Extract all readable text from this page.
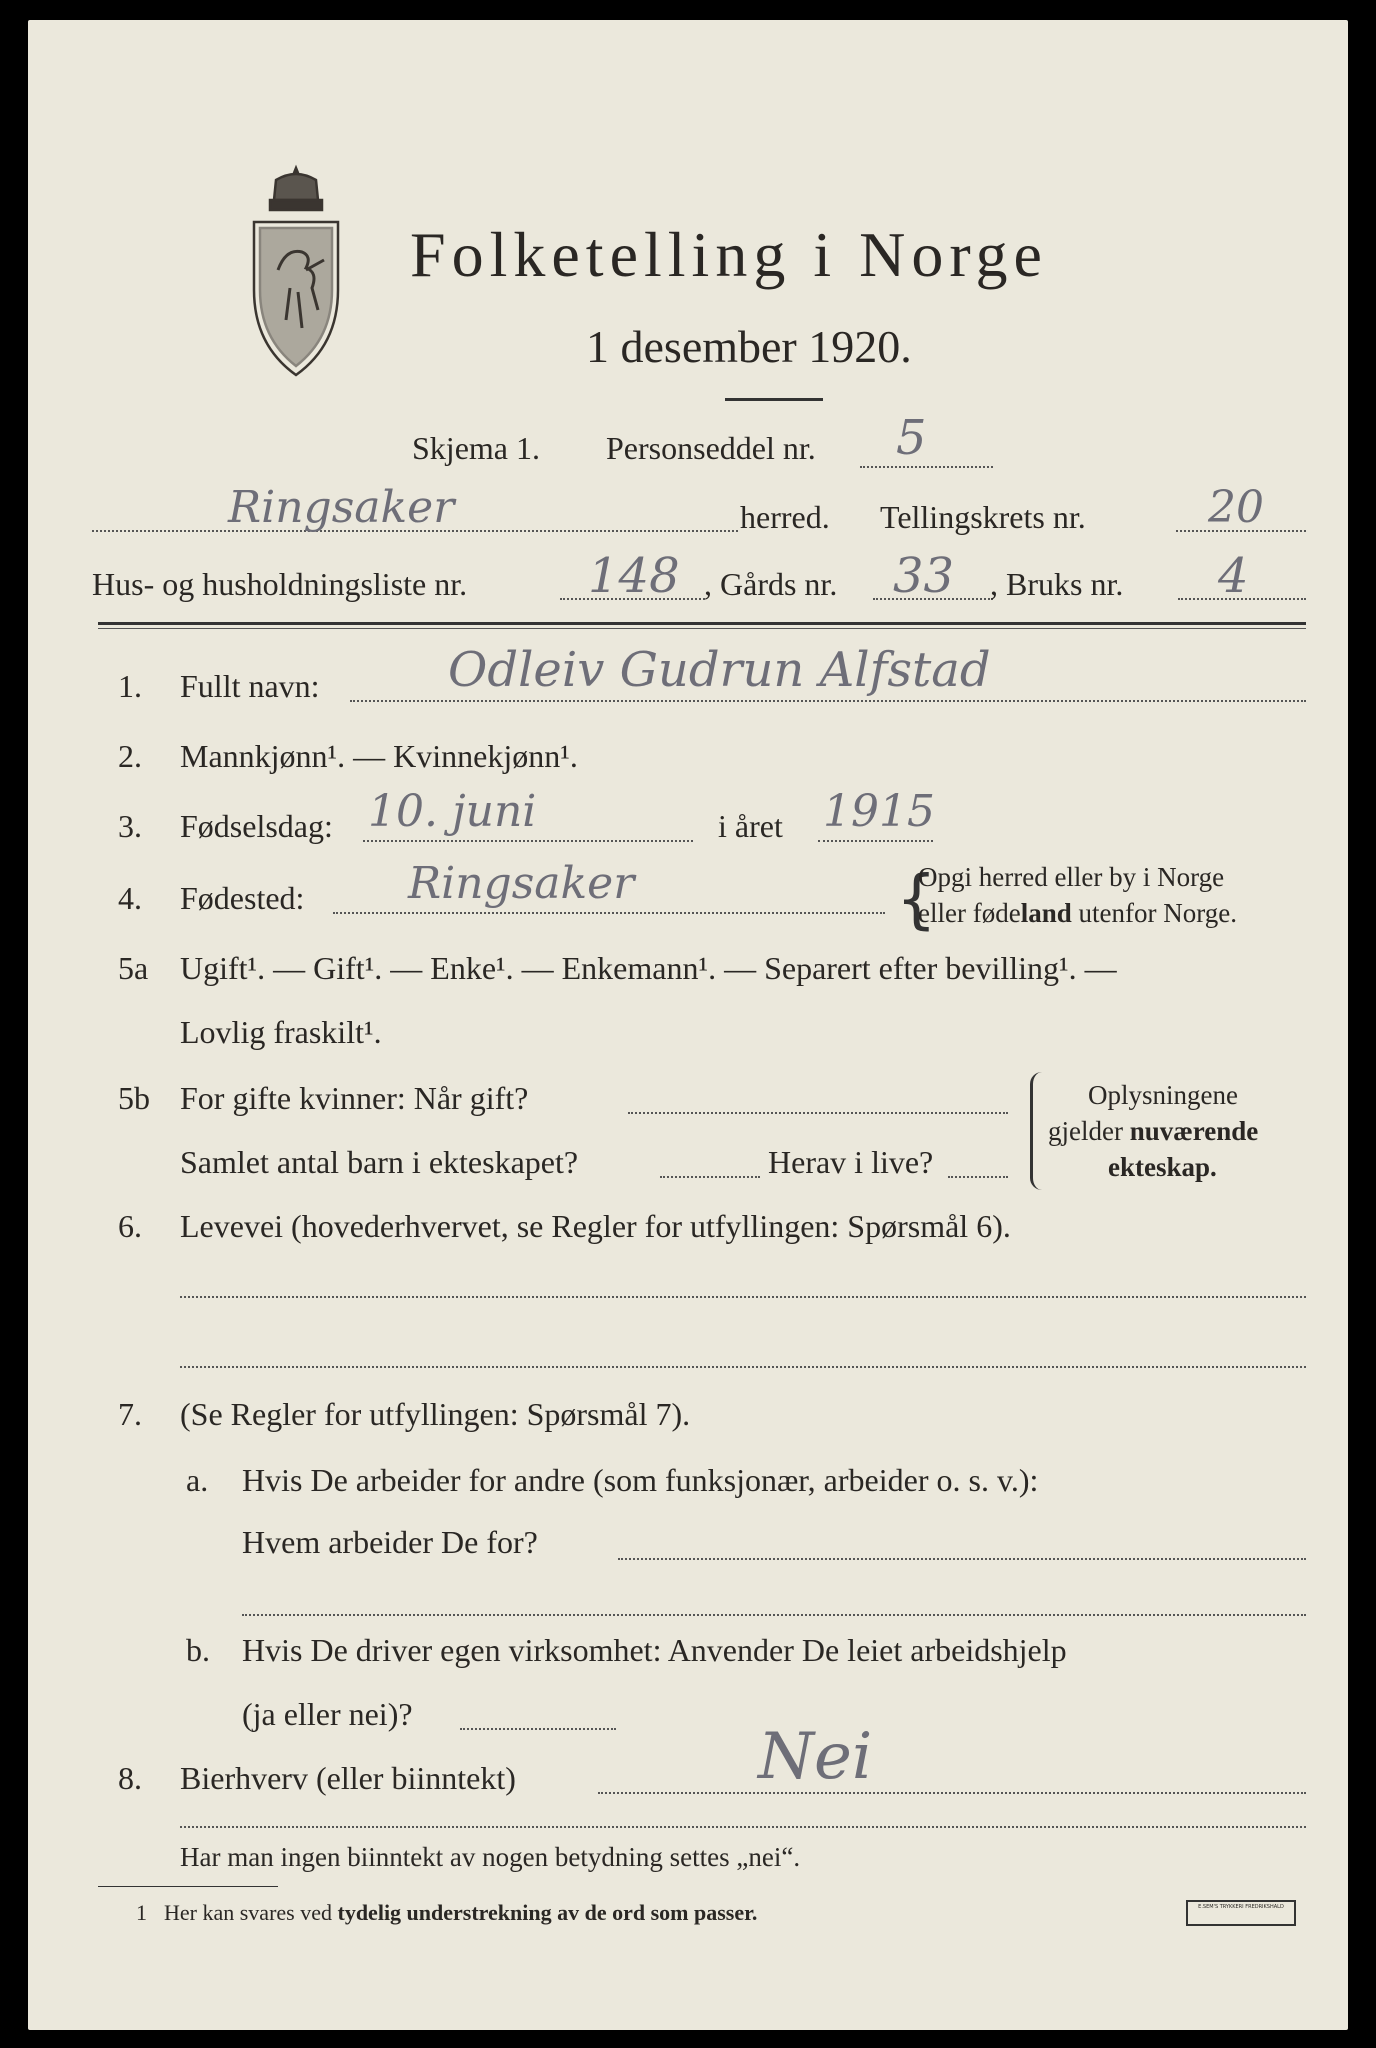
Folketelling i Norge
1 desember 1920.
Skjema 1. Personseddel nr. 5
Ringsaker	herred. Tellingskrets nr.	20
Hus- og husholdningsliste nr.	148 , Gårds nr. 33 , Bruks nr. 4
1. Fullt navn:	Odleiv Gudrun Alfstad
2. Mannkjønn¹. — Kvinnekjønn¹.
3. Fødselsdag: 10. juni	i året 1915
4. Fødested: Ringsaker	{
Opgi herred eller by i Norge
eller fødeland utenfor Norge.
5a Ugift¹. — Gift¹. — Enke¹. — Enkemann¹. — Separert efter bevilling¹. —
Lovlig fraskilt¹.
5b For gifte kvinner: Når gift?
Samlet antal barn i ekteskapet?	Herav i live?
Oplysningene
gjelder nuværende
ekteskap.
6. Levevei (hovederhvervet, se Regler for utfyllingen: Spørsmål 6).
7. (Se Regler for utfyllingen: Spørsmål 7).
a. Hvis De arbeider for andre (som funksjonær, arbeider o. s. v.):
Hvem arbeider De for?
b. Hvis De driver egen virksomhet: Anvender De leiet arbeidshjelp
(ja eller nei)?
8. Bierhverv (eller biinntekt)	Nei
Har man ingen biinntekt av nogen betydning settes „nei“.
1 Her kan svares ved tydelig understrekning av de ord som passer.	E.SEM'S TRYKKERI FREDRIKSHALD
